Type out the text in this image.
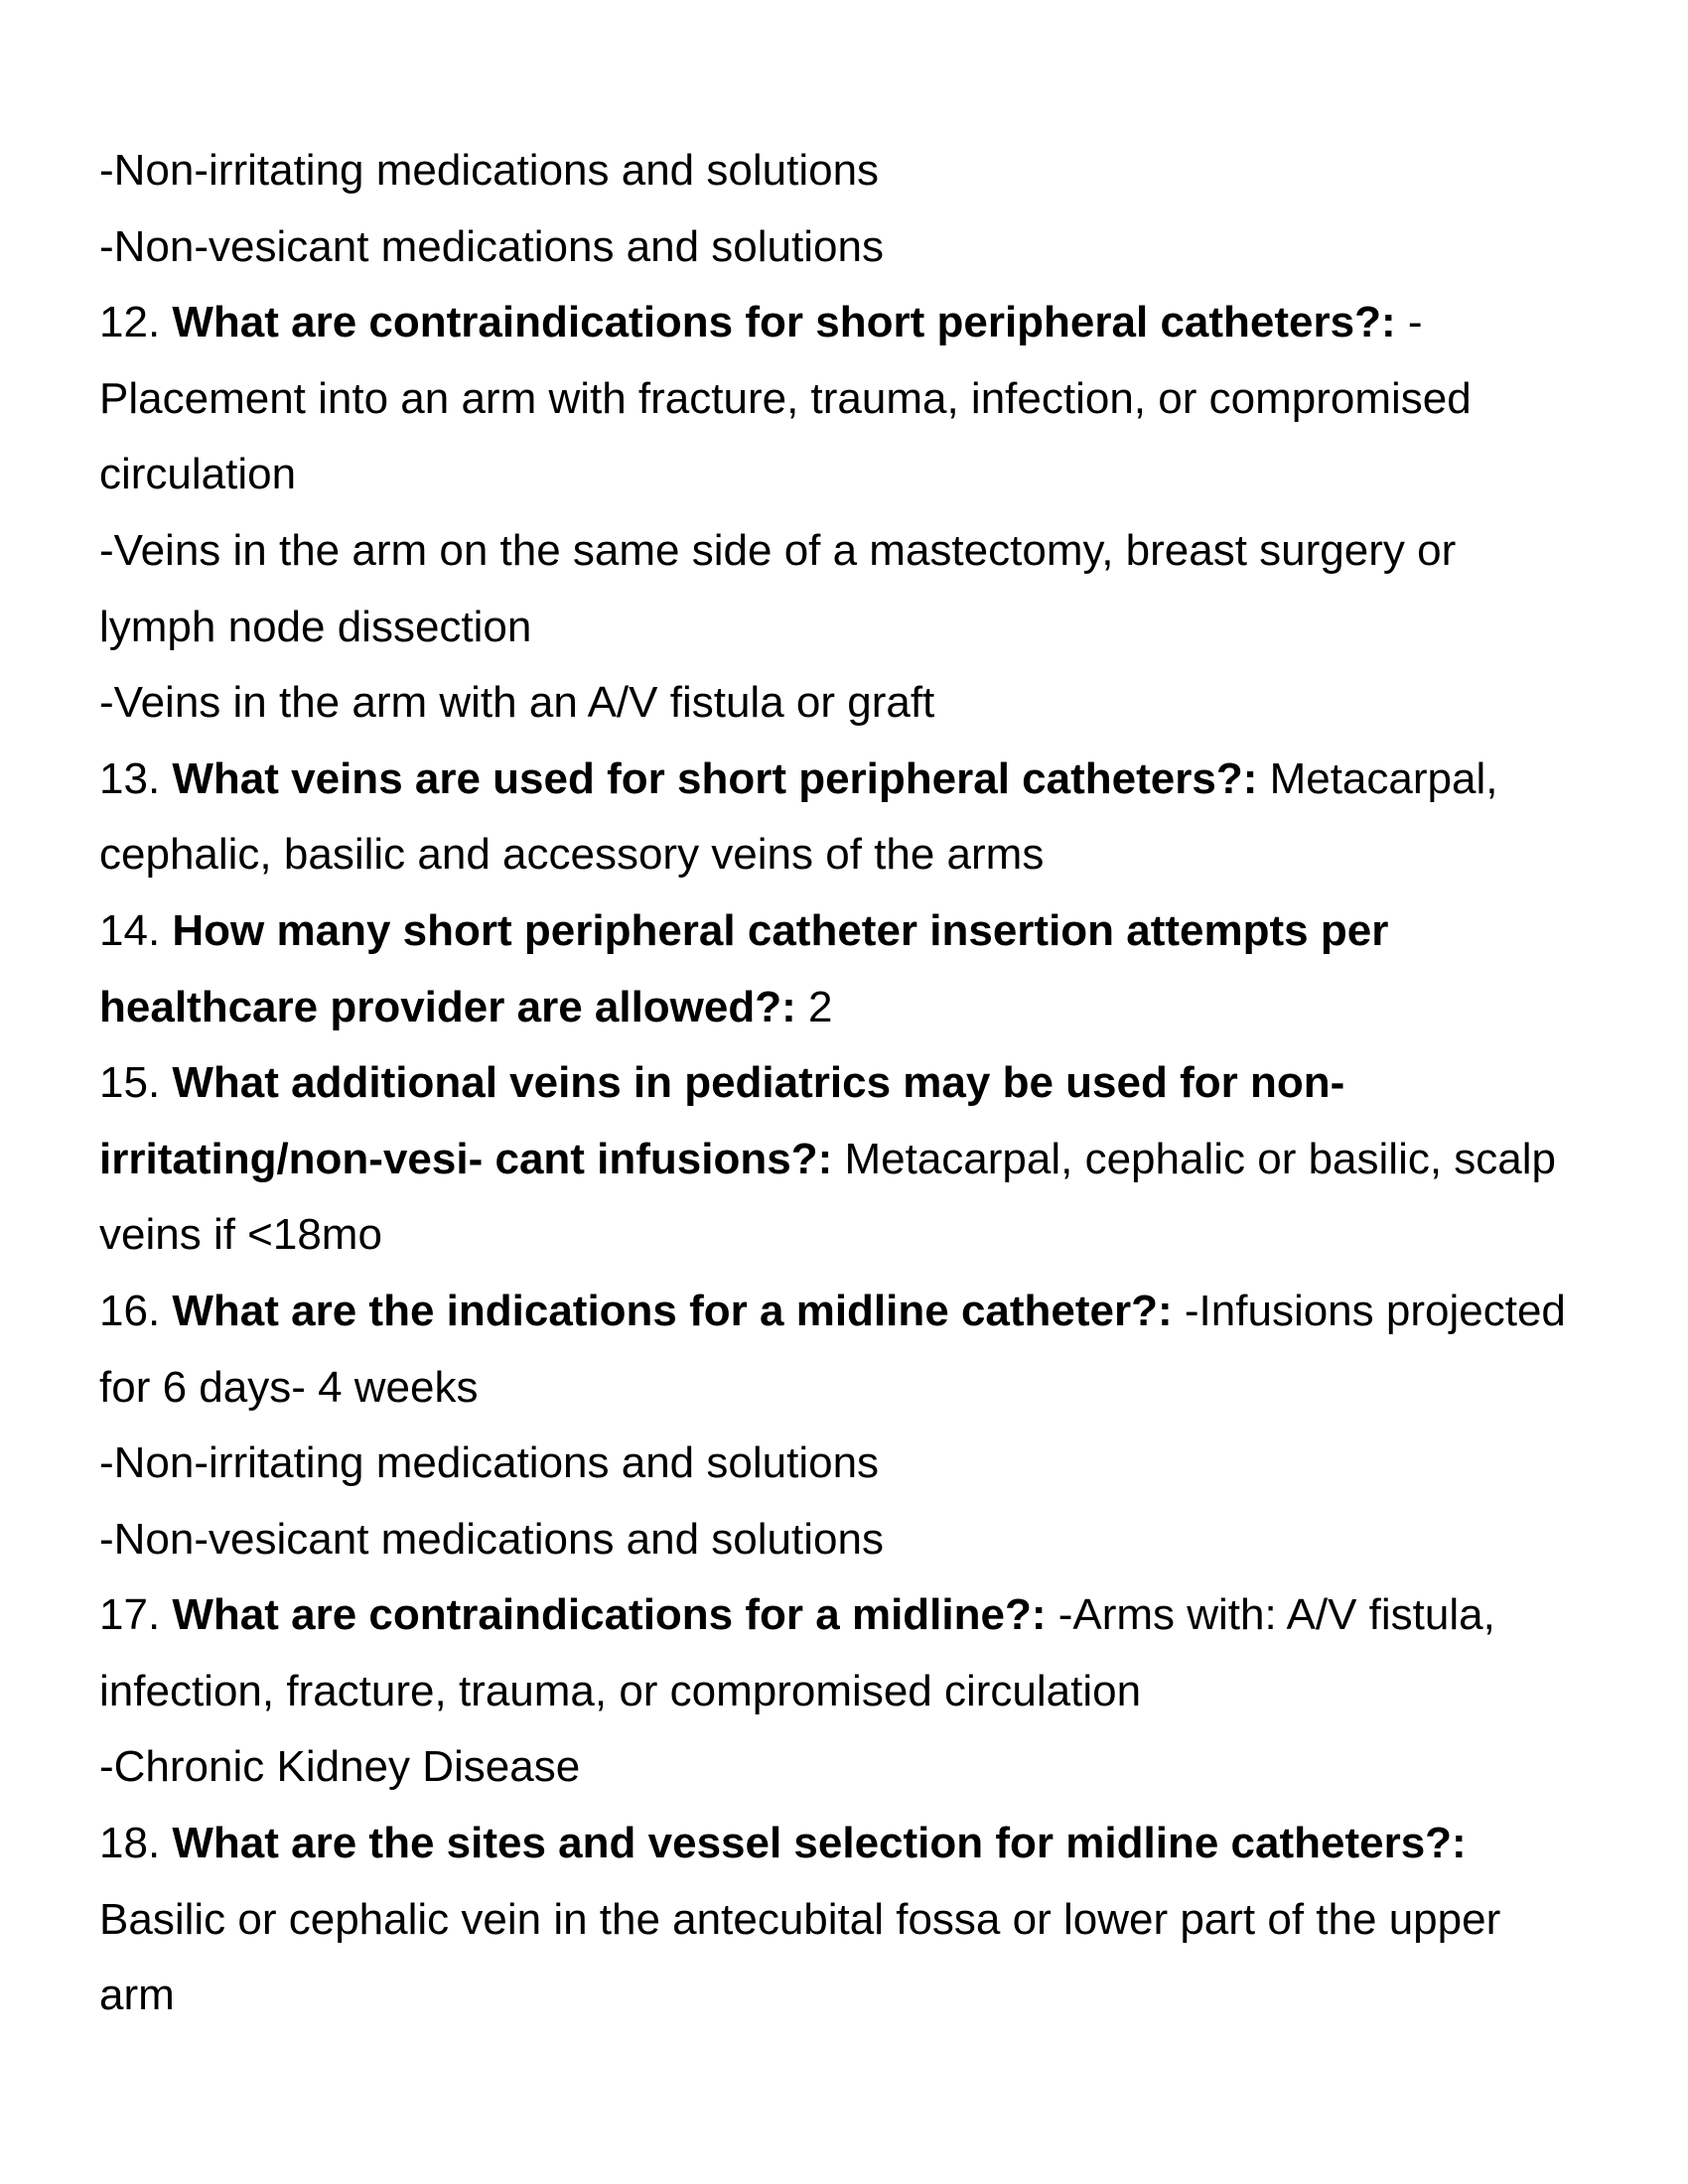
-Non-irritating medications and solutions

-Non-vesicant medications and solutions

12. What are contraindications for short peripheral catheters?: -

Placement into an arm with fracture, trauma, infection, or compromised

circulation

-Veins in the arm on the same side of a mastectomy, breast surgery or

lymph node dissection

-Veins in the arm with an A/V fistula or graft

13. What veins are used for short peripheral catheters?: Metacarpal,

cephalic, basilic and accessory veins of the arms

14. How many short peripheral catheter insertion attempts per

healthcare provider are allowed?: 2

15. What additional veins in pediatrics may be used for non-

irritating/non-vesi- cant infusions?: Metacarpal, cephalic or basilic, scalp

veins if <18mo

16. What are the indications for a midline catheter?: -Infusions projected

for 6 days- 4 weeks

-Non-irritating medications and solutions

-Non-vesicant medications and solutions

17. What are contraindications for a midline?: -Arms with: A/V fistula,

infection, fracture, trauma, or compromised circulation

-Chronic Kidney Disease

18. What are the sites and vessel selection for midline catheters?:

Basilic or cephalic vein in the antecubital fossa or lower part of the upper

arm
